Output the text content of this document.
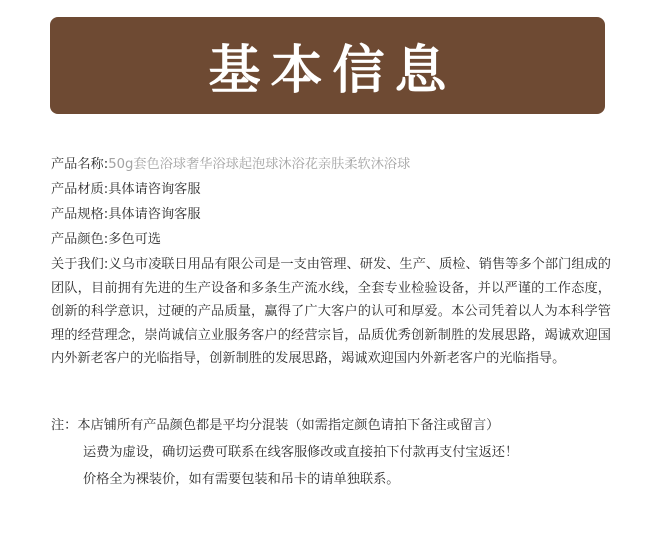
基本信息
产品名称:50g套色浴球奢华浴球起泡球沐浴花亲肤柔软沐浴球
产品材质:具体请咨询客服
产品规格:具体请咨询客服
产品颜色:多色可选
关于我们:义乌市凌联日用品有限公司是一支由管理、研发、生产、质检、销售等多个部门组成的团队，目前拥有先进的生产设备和多条生产流水线，全套专业检验设备，并以严谨的工作态度，创新的科学意识，过硬的产品质量，赢得了广大客户的认可和厚爱。本公司凭着以人为本科学管理的经营理念，崇尚诚信立业服务客户的经营宗旨，品质优秀创新制胜的发展思路，竭诚欢迎国内外新老客户的光临指导，创新制胜的发展思路，竭诚欢迎国内外新老客户的光临指导。
注：本店铺所有产品颜色都是平均分混装（如需指定颜色请拍下备注或留言）
运费为虚设，确切运费可联系在线客服修改或直接拍下付款再支付宝返还！
价格全为裸装价，如有需要包装和吊卡的请单独联系。
